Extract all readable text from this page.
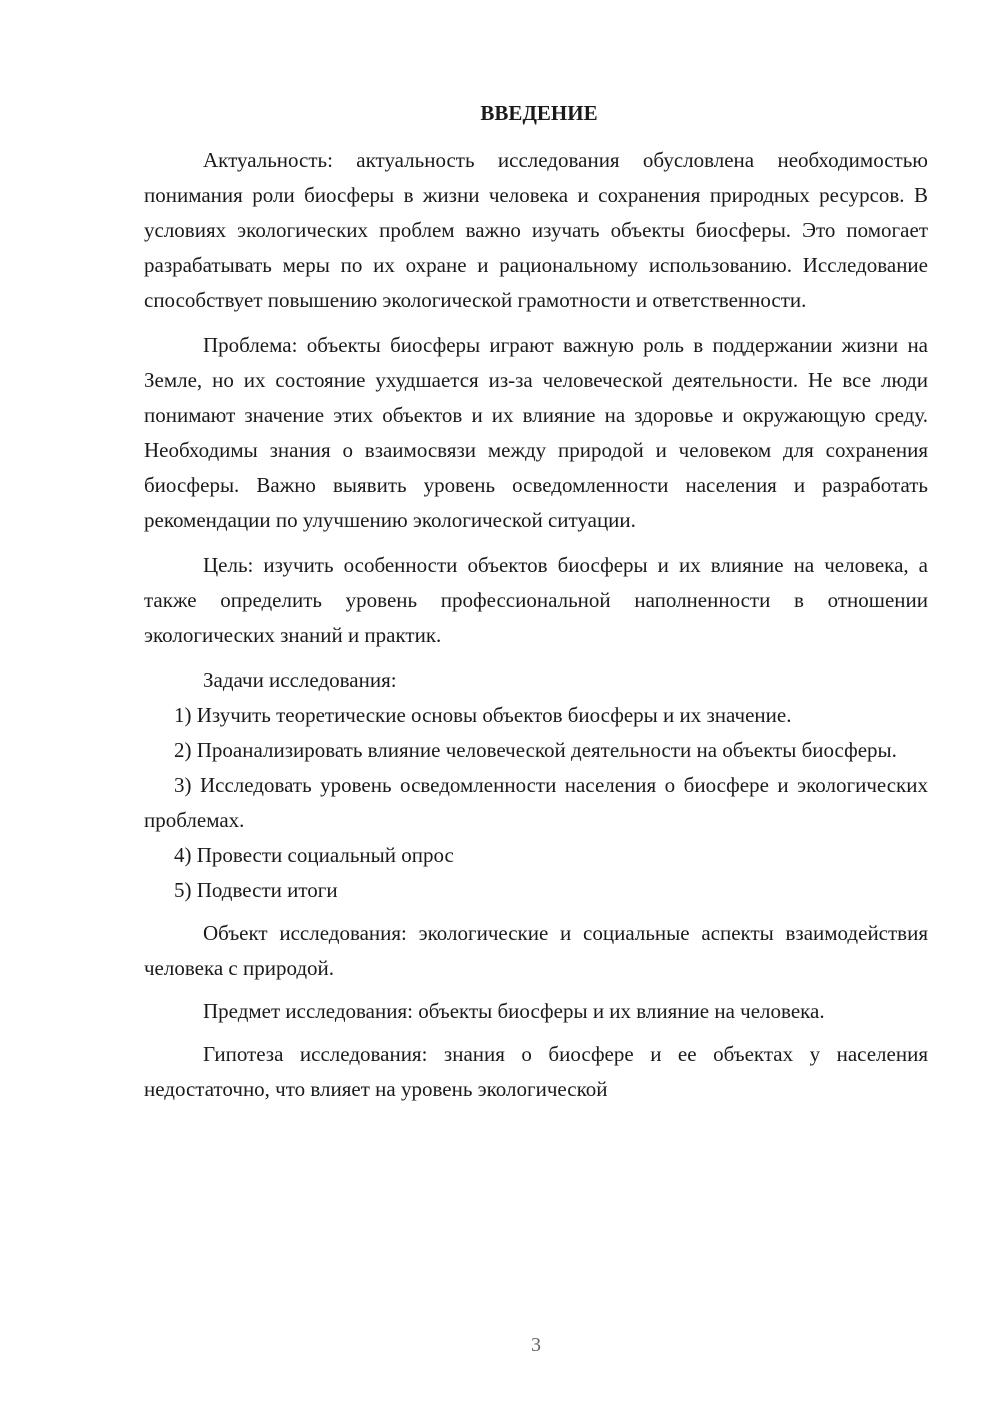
ВВЕДЕНИЕ

Актуальность: актуальность исследования обусловлена необходимостью понимания роли биосферы в жизни человека и сохранения природных ресурсов. В условиях экологических проблем важно изучать объекты биосферы. Это помогает разрабатывать меры по их охране и рациональному использованию. Исследование способствует повышению экологической грамотности и ответственности.

Проблема: объекты биосферы играют важную роль в поддержании жизни на Земле, но их состояние ухудшается из-за человеческой деятельности. Не все люди понимают значение этих объектов и их влияние на здоровье и окружающую среду. Необходимы знания о взаимосвязи между природой и человеком для сохранения биосферы. Важно выявить уровень осведомленности населения и разработать рекомендации по улучшению экологической ситуации.

Цель: изучить особенности объектов биосферы и их влияние на человека, а также определить уровень профессиональной наполненности в отношении экологических знаний и практик.

Задачи исследования:

1) Изучить теоретические основы объектов биосферы и их значение.

2) Проанализировать влияние человеческой деятельности на объекты биосферы.

3) Исследовать уровень осведомленности населения о биосфере и экологических проблемах.

4) Провести социальный опрос

5) Подвести итоги

Объект исследования: экологические и социальные аспекты взаимодействия человека с природой.

Предмет исследования: объекты биосферы и их влияние на человека.

Гипотеза исследования: знания о биосфере и ее объектах у населения недостаточно, что влияет на уровень экологической

3
